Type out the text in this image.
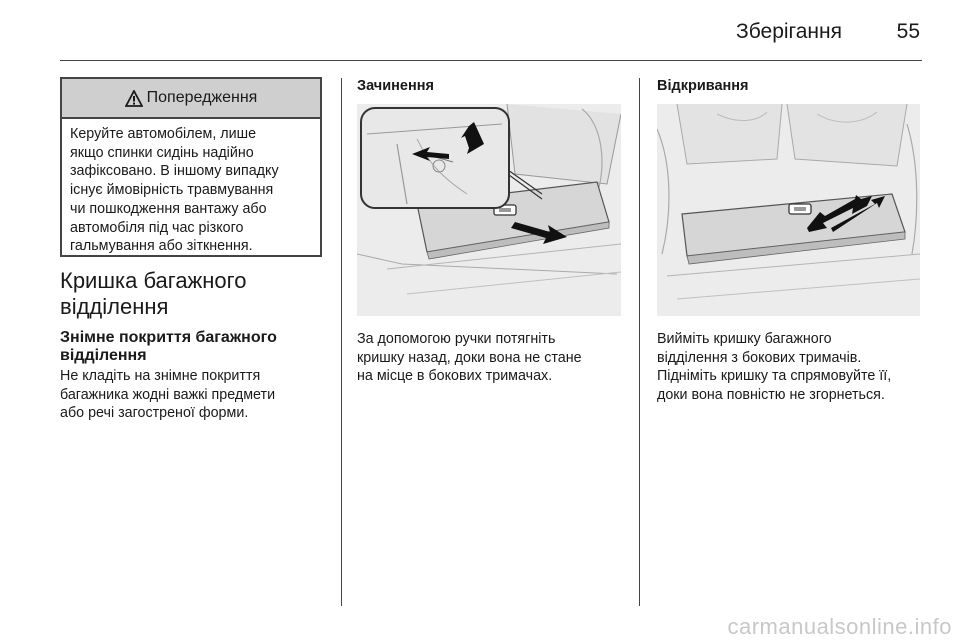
Зберігання	55
Попередження
Керуйте автомобілем, лише
якщо спинки сидінь надійно
зафіксовано. В іншому випадку
існує ймовірність травмування
чи пошкодження вантажу або
автомобіля під час різкого
гальмування або зіткнення.
Кришка багажного
відділення
Знімне покриття багажного
відділення
Не кладіть на знімне покриття
багажника жодні важкі предмети
або речі загостреної форми.
Зачинення
За допомогою ручки потягніть
кришку назад, доки вона не стане
на місце в бокових тримачах.
Відкривання
Вийміть кришку багажного
відділення з бокових тримачів.
Підніміть кришку та спрямовуйте її,
доки вона повністю не згорнеться.
carmanualsonline.info
